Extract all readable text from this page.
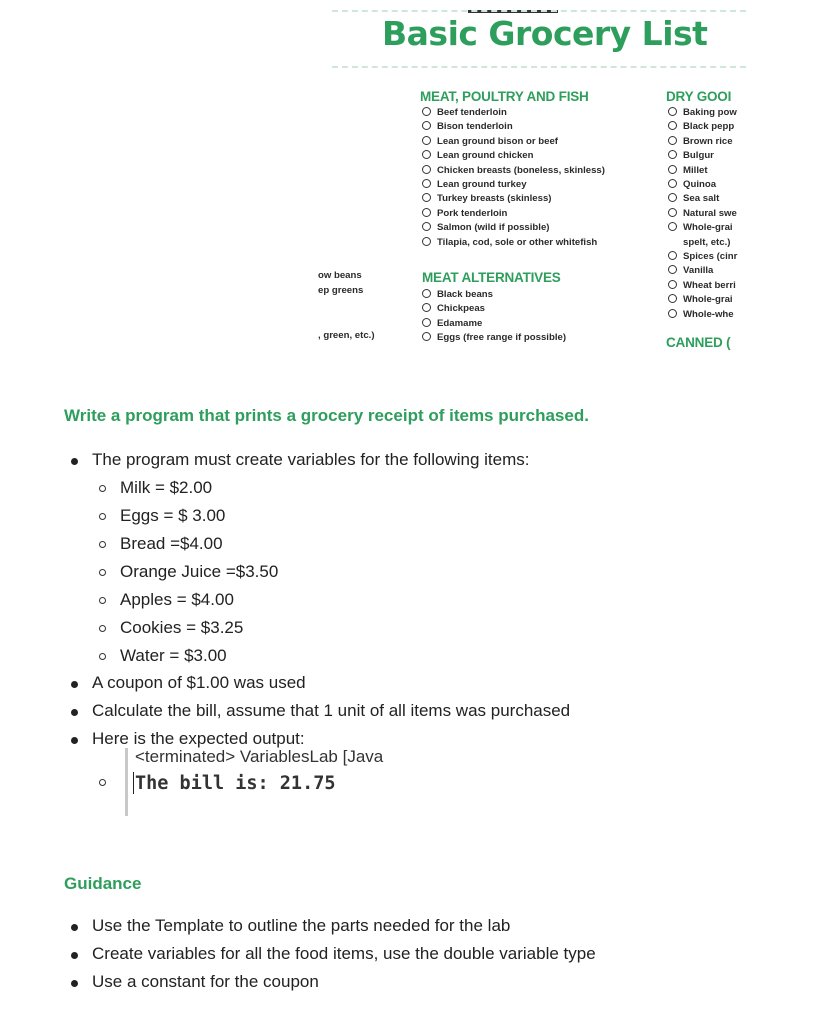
Basic Grocery List
MEAT, POULTRY AND FISH
Beef tenderloin
Bison tenderloin
Lean ground bison or beef
Lean ground chicken
Chicken breasts (boneless, skinless)
Lean ground turkey
Turkey breasts (skinless)
Pork tenderloin
Salmon (wild if possible)
Tilapia, cod, sole or other whitefish
MEAT ALTERNATIVES
Black beans
Chickpeas
Edamame
Eggs (free range if possible)
DRY GOOI
Baking pow
Black pepp
Brown rice
Bulgur
Millet
Quinoa
Sea salt
Natural swe
Whole-grai
spelt, etc.)
Spices (cinr
Vanilla
Wheat berri
Whole-grai
Whole-whe
CANNED (
ow beans
ep greens
, green, etc.)
Write a program that prints a grocery receipt of items purchased.
The program must create variables for the following items:
Milk = $2.00
Eggs = $ 3.00
Bread =$4.00
Orange Juice =$3.50
Apples = $4.00
Cookies = $3.25
Water = $3.00
A coupon of $1.00 was used
Calculate the bill, assume that 1 unit of all items was purchased
Here is the expected output:
<terminated> VariablesLab [Java
The bill is: 21.75
Guidance
Use the Template to outline the parts needed for the lab
Create variables for all the food items, use the double variable type
Use a constant for the coupon
